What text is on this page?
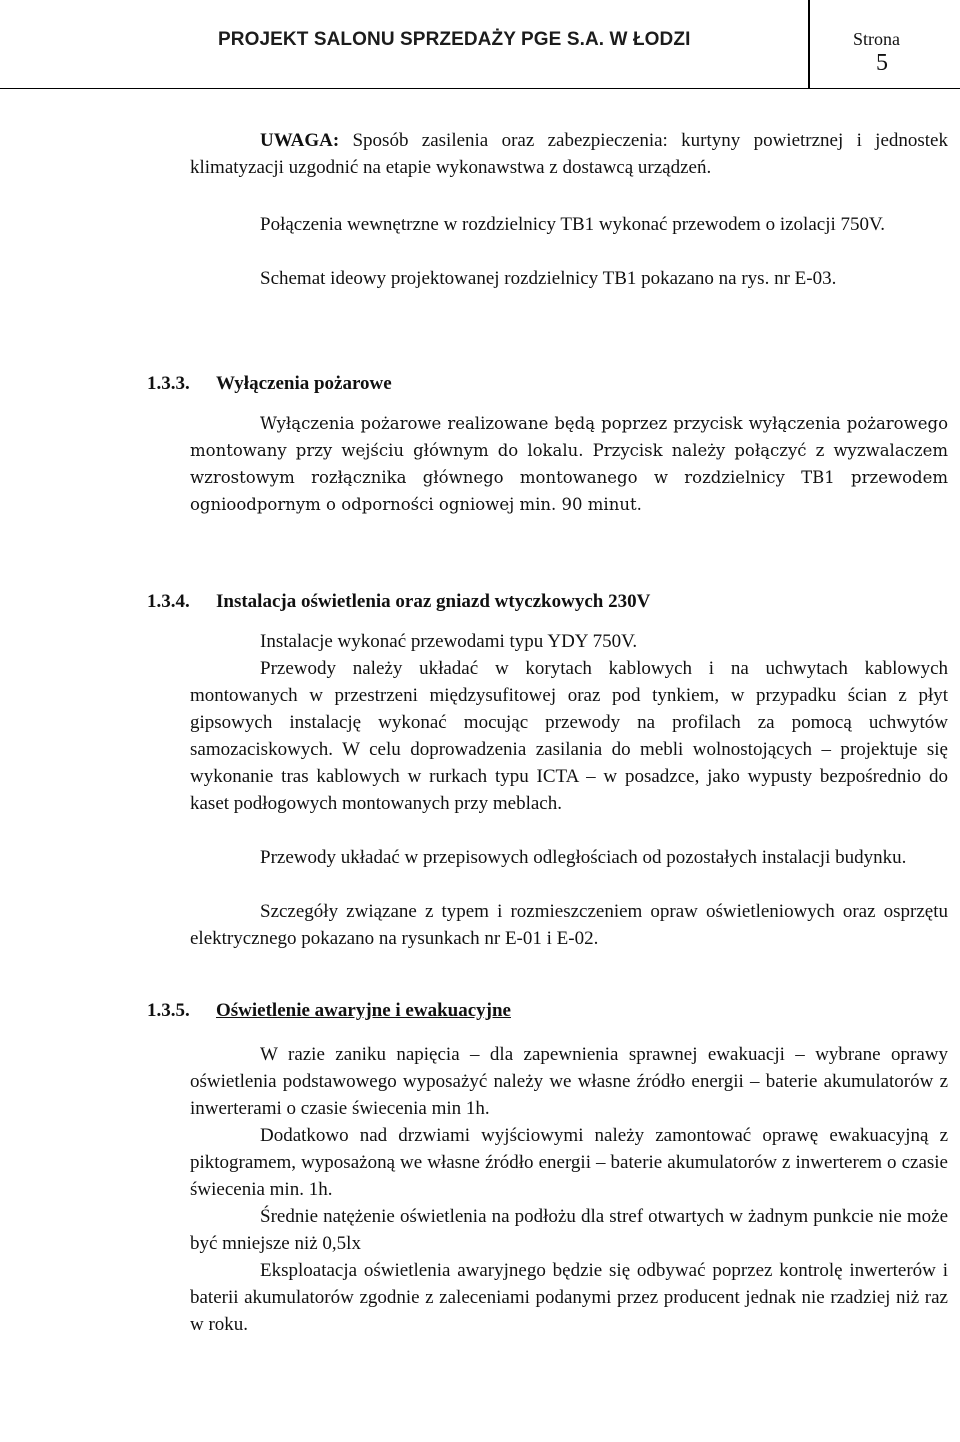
PROJEKT SALONU SPRZEDAŻY PGE S.A. W ŁODZI	Strona
5
UWAGA: Sposób zasilenia oraz zabezpieczenia: kurtyny powietrznej i jednostek klimatyzacji uzgodnić na etapie wykonawstwa z dostawcą urządzeń.
Połączenia wewnętrzne w rozdzielnicy TB1 wykonać przewodem o izolacji 750V.
Schemat ideowy projektowanej rozdzielnicy TB1 pokazano na rys. nr E-03.
1.3.3. Wyłączenia pożarowe
Wyłączenia pożarowe realizowane będą poprzez przycisk wyłączenia pożarowego montowany przy wejściu głównym do lokalu. Przycisk należy połączyć z wyzwalaczem wzrostowym rozłącznika głównego montowanego w rozdzielnicy TB1 przewodem ognioodpornym o odporności ogniowej min. 90 minut.
1.3.4. Instalacja oświetlenia oraz gniazd wtyczkowych 230V
Instalacje wykonać przewodami typu YDY 750V.
Przewody należy układać w korytach kablowych i na uchwytach kablowych montowanych w przestrzeni międzysufitowej oraz pod tynkiem, w przypadku ścian z płyt gipsowych instalację wykonać mocując przewody na profilach za pomocą uchwytów samozaciskowych. W celu doprowadzenia zasilania do mebli wolnostojących – projektuje się wykonanie tras kablowych w rurkach typu ICTA – w posadzce, jako wypusty bezpośrednio do kaset podłogowych montowanych przy meblach.
Przewody układać w przepisowych odległościach od pozostałych instalacji budynku.
Szczegóły związane z typem i rozmieszczeniem opraw oświetleniowych oraz osprzętu elektrycznego pokazano na rysunkach nr E-01 i E-02.
1.3.5. Oświetlenie awaryjne i ewakuacyjne
W razie zaniku napięcia – dla zapewnienia sprawnej ewakuacji – wybrane oprawy oświetlenia podstawowego wyposażyć należy we własne źródło energii – baterie akumulatorów z inwerterami o czasie świecenia min 1h.
Dodatkowo nad drzwiami wyjściowymi należy zamontować oprawę ewakuacyjną z piktogramem, wyposażoną we własne źródło energii – baterie akumulatorów z inwerterem o czasie świecenia min. 1h.
Średnie natężenie oświetlenia na podłożu dla stref otwartych w żadnym punkcie nie może być mniejsze niż 0,5lx
Eksploatacja oświetlenia awaryjnego będzie się odbywać poprzez kontrolę inwerterów i baterii akumulatorów zgodnie z zaleceniami podanymi przez producent jednak nie rzadziej niż raz w roku.
